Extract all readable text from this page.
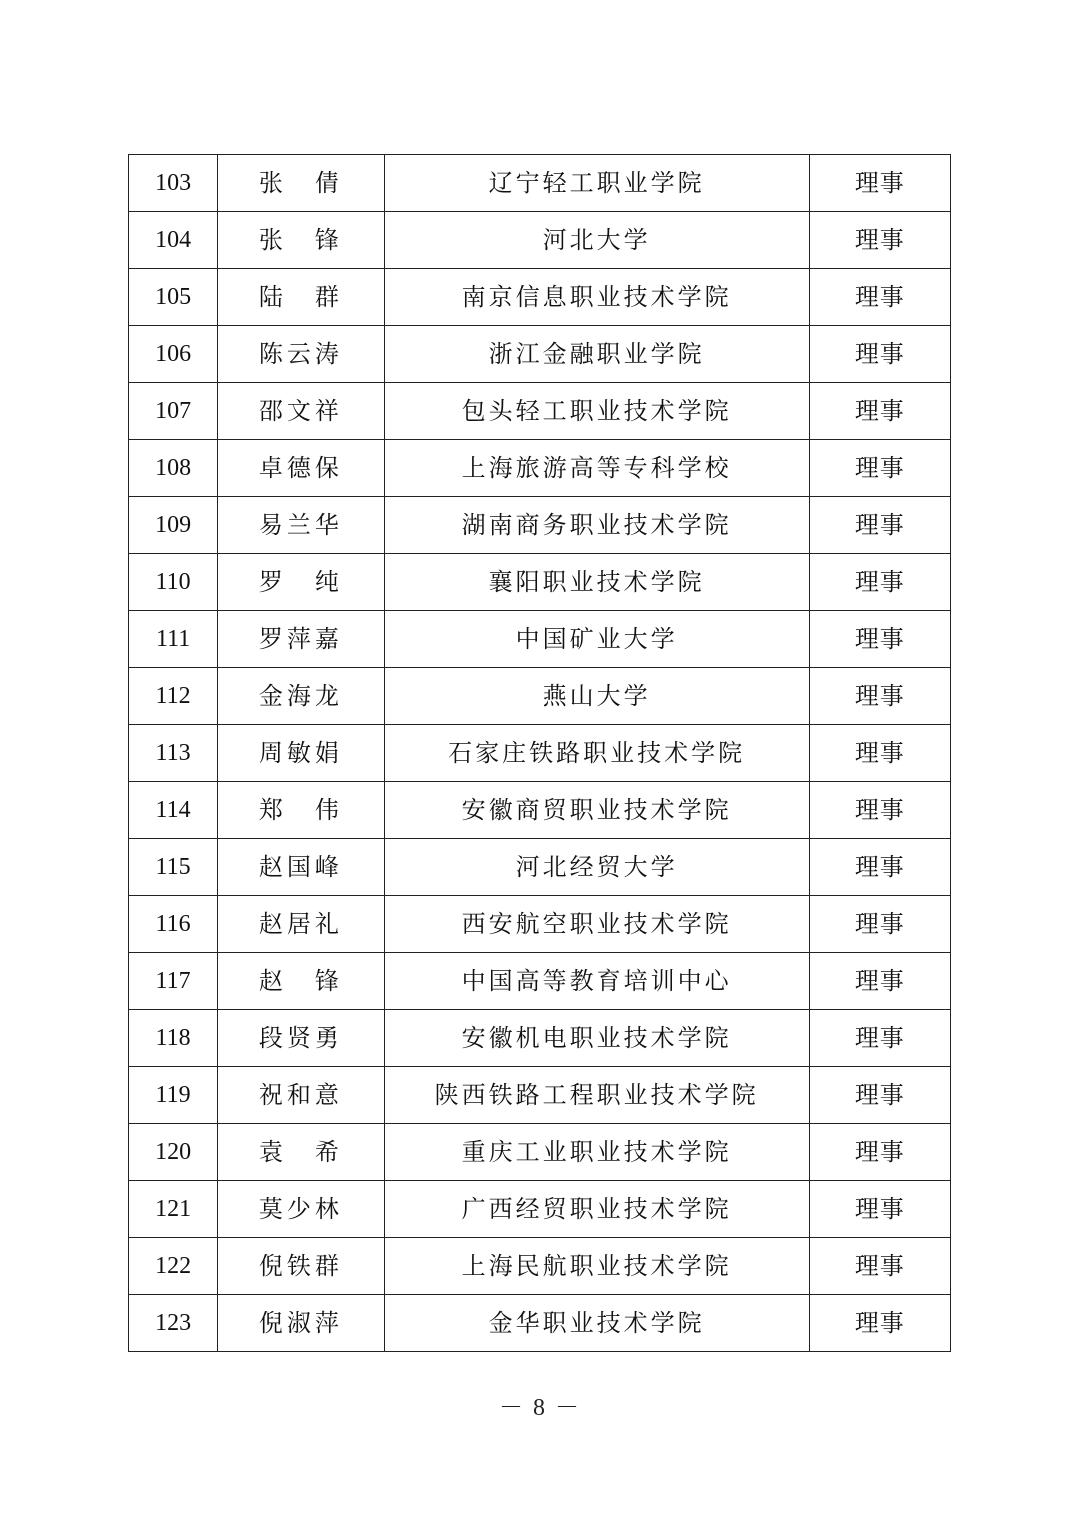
103	张　倩	辽宁轻工职业学院	理事
104	张　锋	河北大学	理事
105	陆　群	南京信息职业技术学院	理事
106	陈云涛	浙江金融职业学院	理事
107	邵文祥	包头轻工职业技术学院	理事
108	卓德保	上海旅游高等专科学校	理事
109	易兰华	湖南商务职业技术学院	理事
110	罗　纯	襄阳职业技术学院	理事
111	罗萍嘉	中国矿业大学	理事
112	金海龙	燕山大学	理事
113	周敏娟	石家庄铁路职业技术学院	理事
114	郑　伟	安徽商贸职业技术学院	理事
115	赵国峰	河北经贸大学	理事
116	赵居礼	西安航空职业技术学院	理事
117	赵　锋	中国高等教育培训中心	理事
118	段贤勇	安徽机电职业技术学院	理事
119	祝和意	陕西铁路工程职业技术学院	理事
120	袁　希	重庆工业职业技术学院	理事
121	莫少林	广西经贸职业技术学院	理事
122	倪铁群	上海民航职业技术学院	理事
123	倪淑萍	金华职业技术学院	理事
－ 8 －
